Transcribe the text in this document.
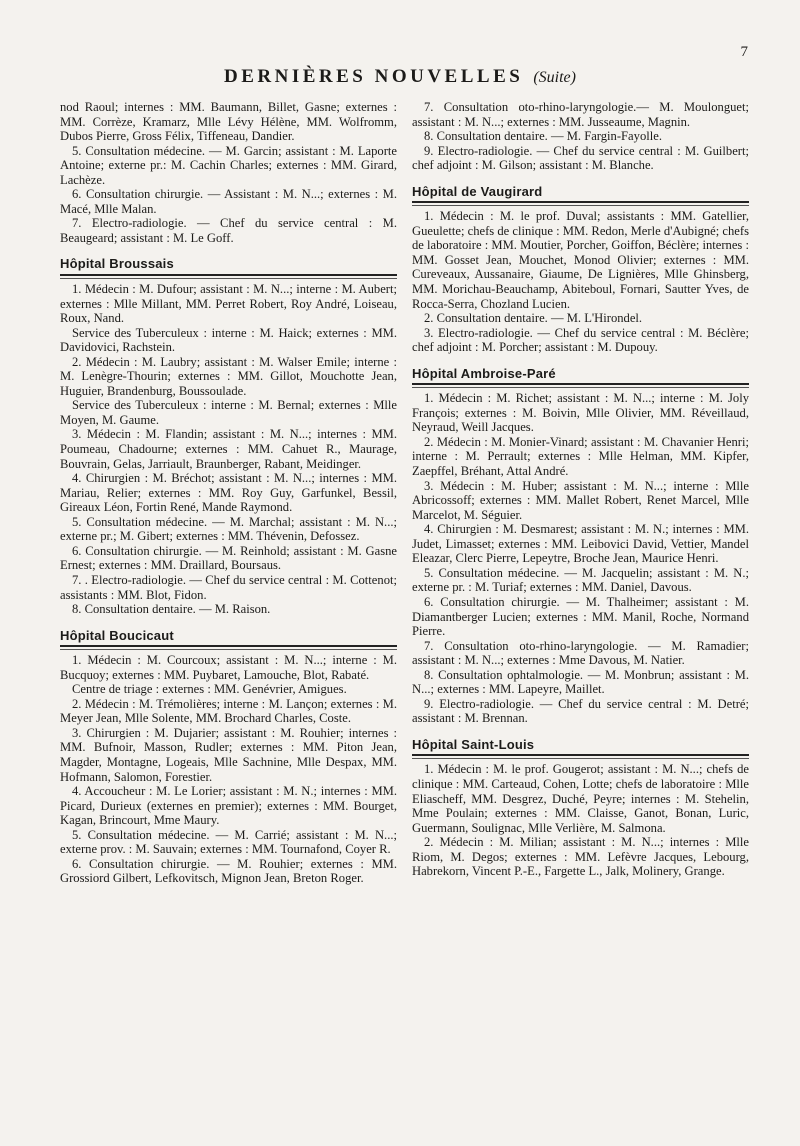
7
DERNIÈRES NOUVELLES (Suite)

nod Raoul; internes : MM. Baumann, Billet, Gasne; externes : MM. Corrèze, Kramarz, Mlle Lévy Hélène, MM. Wolfromm, Dubos Pierre, Gross Félix, Tiffeneau, Dandier.

5. Consultation médecine. — M. Garcin; assistant : M. Laporte Antoine; externe pr.: M. Cachin Charles; externes : MM. Girard, Lachèze.

6. Consultation chirurgie. — Assistant : M. N...; externes : M. Macé, Mlle Malan.

7. Electro-radiologie. — Chef du service central : M. Beaugeard; assistant : M. Le Goff.

Hôpital Broussais

1. Médecin : M. Dufour; assistant : M. N...; interne : M. Aubert; externes : Mlle Millant, MM. Perret Robert, Roy André, Loiseau, Roux, Nand.

Service des Tuberculeux : interne : M. Haick; externes : MM. Davidovici, Rachstein.

2. Médecin : M. Laubry; assistant : M. Walser Emile; interne : M. Lenègre-Thourin; externes : MM. Gillot, Mouchotte Jean, Huguier, Brandenburg, Boussoulade.

Service des Tuberculeux : interne : M. Bernal; externes : Mlle Moyen, M. Gaume.

3. Médecin : M. Flandin; assistant : M. N...; internes : MM. Poumeau, Chadourne; externes : MM. Cahuet R., Maurage, Bouvrain, Gelas, Jarriault, Braunberger, Rabant, Meidinger.

4. Chirurgien : M. Bréchot; assistant : M. N...; internes : MM. Mariau, Relier; externes : MM. Roy Guy, Garfunkel, Bessil, Gireaux Léon, Fortin René, Mande Raymond.

5. Consultation médecine. — M. Marchal; assistant : M. N...; externe pr.; M. Gibert; externes : MM. Thévenin, Defossez.

6. Consultation chirurgie. — M. Reinhold; assistant : M. Gasne Ernest; externes : MM. Draillard, Boursaus.

7. . Electro-radiologie. — Chef du service central : M. Cottenot; assistants : MM. Blot, Fidon.

8. Consultation dentaire. — M. Raison.

Hôpital Boucicaut

1. Médecin : M. Courcoux; assistant : M. N...; interne : M. Bucquoy; externes : MM. Puybaret, Lamouche, Blot, Rabaté.

Centre de triage : externes : MM. Genévrier, Amigues.

2. Médecin : M. Trémolières; interne : M. Lançon; externes : M. Meyer Jean, Mlle Solente, MM. Brochard Charles, Coste.

3. Chirurgien : M. Dujarier; assistant : M. Rouhier; internes : MM. Bufnoir, Masson, Rudler; externes : MM. Piton Jean, Magder, Montagne, Logeais, Mlle Sachnine, Mlle Despax, MM. Hofmann, Salomon, Forestier.

4. Accoucheur : M. Le Lorier; assistant : M. N.; internes : MM. Picard, Durieux (externes en premier); externes : MM. Bourget, Kagan, Brincourt, Mme Maury.

5. Consultation médecine. — M. Carrié; assistant : M. N...; externe prov. : M. Sauvain; externes : MM. Tournafond, Coyer R.

6. Consultation chirurgie. — M. Rouhier; externes : MM. Grossiord Gilbert, Lefkovitsch, Mignon Jean, Breton Roger.

7. Consultation oto-rhino-laryngologie.— M. Moulonguet; assistant : M. N...; externes : MM. Jusseaume, Magnin.

8. Consultation dentaire. — M. Fargin-Fayolle.

9. Electro-radiologie. — Chef du service central : M. Guilbert; chef adjoint : M. Gilson; assistant : M. Blanche.

Hôpital de Vaugirard

1. Médecin : M. le prof. Duval; assistants : MM. Gatellier, Gueulette; chefs de clinique : MM. Redon, Merle d'Aubigné; chefs de laboratoire : MM. Moutier, Porcher, Goiffon, Béclère; internes : MM. Gosset Jean, Mouchet, Monod Olivier; externes : MM. Cureveaux, Aussanaire, Giaume, De Lignières, Mlle Ghinsberg, MM. Morichau-Beauchamp, Abiteboul, Fornari, Sautter Yves, de Rocca-Serra, Chozland Lucien.

2. Consultation dentaire. — M. L'Hirondel.

3. Electro-radiologie. — Chef du service central : M. Béclère; chef adjoint : M. Porcher; assistant : M. Dupouy.

Hôpital Ambroise-Paré

1. Médecin : M. Richet; assistant : M. N...; interne : M. Joly François; externes : M. Boivin, Mlle Olivier, MM. Réveillaud, Neyraud, Weill Jacques.

2. Médecin : M. Monier-Vinard; assistant : M. Chavanier Henri; interne : M. Perrault; externes : Mlle Helman, MM. Kipfer, Zaepffel, Bréhant, Attal André.

3. Médecin : M. Huber; assistant : M. N...; interne : Mlle Abricossoff; externes : MM. Mallet Robert, Renet Marcel, Mlle Marcelot, M. Séguier.

4. Chirurgien : M. Desmarest; assistant : M. N.; internes : MM. Judet, Limasset; externes : MM. Leibovici David, Vettier, Mandel Eleazar, Clerc Pierre, Lepeytre, Broche Jean, Maurice Henri.

5. Consultation médecine. — M. Jacquelin; assistant : M. N.; externe pr. : M. Turiaf; externes : MM. Daniel, Davous.

6. Consultation chirurgie. — M. Thalheimer; assistant : M. Diamantberger Lucien; externes : MM. Manil, Roche, Normand Pierre.

7. Consultation oto-rhino-laryngologie. — M. Ramadier; assistant : M. N...; externes : Mme Davous, M. Natier.

8. Consultation ophtalmologie. — M. Monbrun; assistant : M. N...; externes : MM. Lapeyre, Maillet.

9. Electro-radiologie. — Chef du service central : M. Detré; assistant : M. Brennan.

Hôpital Saint-Louis

1. Médecin : M. le prof. Gougerot; assistant : M. N...; chefs de clinique : MM. Carteaud, Cohen, Lotte; chefs de laboratoire : Mlle Eliascheff, MM. Desgrez, Duché, Peyre; internes : M. Stehelin, Mme Poulain; externes : MM. Claisse, Ganot, Bonan, Luric, Guermann, Soulignac, Mlle Verlière, M. Salmona.

2. Médecin : M. Milian; assistant : M. N...; internes : Mlle Riom, M. Degos; externes : MM. Lefèvre Jacques, Lebourg, Habrekorn, Vincent P.-E., Fargette L., Jalk, Molinery, Grange.
